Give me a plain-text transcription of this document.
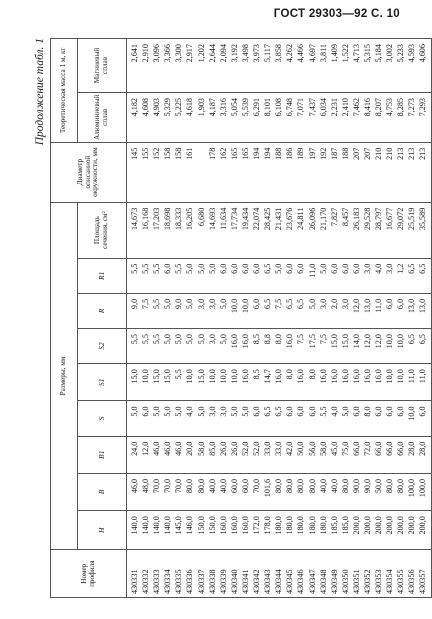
ГОСТ 29303—92 С. 10
Продолжение табл. 1
Номер профиля	Размеры, мм									Диаметр описанной окружности, мм	Теоретическая масса 1 м, кг	
	H	B	B1	S	S1	S2	R	R1	Площадь сечения, см²		Алюминиевый сплав	Магниевый сплав
430331	140,0	46,0	24,0	5,0	15,0	5,5	9,0	5,5	14,673	145	4,182	2,641
430332	140,0	48,0	12,0	6,0	10,0	5,5	7,5	5,5	16,168	155	4,608	2,910
430333	140,0	70,0	46,0	5,0	15,0	5,5	5,5	5,5	17,203	152	4,903	3,096
430334	140,0	70,0	46,0	5,0	15,0	5,0	5,0	6,0	18,698	158	5,329	3,366
430335	145,0	70,0	46,0	5,0	5,5	5,0	9,0	5,5	18,333	158	5,225	3,300
430336	146,0	80,0	20,0	4,0	10,0	5,0	5,0	5,0	16,205	161	4,618	2,917
430337	150,0	80,0	58,0	5,0	15,0	5,0	3,0	5,0	6,680		1,903	1,202
430338	150,0	40,0	85,0	3,0	10,0	3,0	3,0	5,0	14,693	178	4,187	2,644
430339	160,0	40,0	26,0	3,0	10,0	5,0	5,0	6,0	11,634	162	3,316	2,094
430340	160,0	60,0	26,0	5,0	10,0	16,0	10,0	6,0	17,734	165	5,054	3,192
430341	160,0	60,0	52,0	5,0	16,0	16,0	10,0	6,0	19,434	165	5,539	3,498
430342	172,0	70,0	52,0	6,0	8,5	8,5	6,0	6,0	22,074	194	6,291	3,973
430343	178,0	101,6	33,0	6,5	14,7	8,8	6,5	6,5	28,425	194	8,101	5,117
430344	180,0	80,0	33,0	6,5	16,0	8,0	7,5	5,0	21,431	188	6,108	3,858
430345	180,0	80,0	42,0	6,0	8,0	16,0	6,5	6,0	23,676	186	6,748	4,262
430346	180,0	80,0	50,0	6,0	16,0	7,5	6,5	6,0	24,811	189	7,071	4,466
430347	180,0	80,0	56,0	6,0	8,0	17,5	5,0	11,0	26,096	197	7,437	4,697
430348	180,0	40,0	58,0	5,5	16,0	7,5	3,0	5,0	21,170	192	6,034	3,811
430349	185,0	40,0	45,0	4,0	16,0	15,0	2,0	6,0	7,827	187	2,231	1,409
430350	185,0	80,0	75,0	5,0	16,0	15,0	3,0	6,0	8,457	188	2,410	1,522
430351	200,0	90,0	66,0	6,0	16,0	14,0	12,0	6,0	26,183	207	7,462	4,713
430352	200,0	90,0	72,0	8,0	16,0	12,0	13,0	3,0	29,528	207	8,416	5,315
430353	200,0	50,0	66,0	6,0	16,0	12,0	11,0	4,0	28,797	210	8,207	5,184
430354	200,0	80,0	66,0	6,0	10,0	10,0	6,0	3,0	16,677	210	4,753	3,002
430355	200,0	80,0	66,0	6,0	10,0	10,0	6,0	1,2	29,072	213	8,285	5,233
430356	200,0	100,0	28,0	10,0	11,0	6,5	13,0	6,5	25,519	213	7,273	4,593
430357	200,0	100,0	28,0	6,0	11,0	6,5	13,0	6,5	35,589	213	7,293	4,606
